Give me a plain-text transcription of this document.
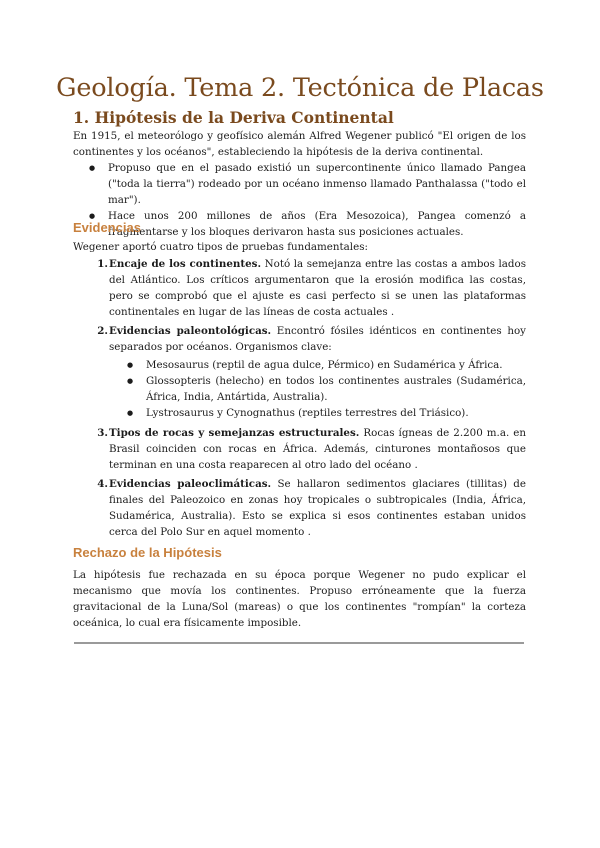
Geología. Tema 2. Tectónica de Placas
1. Hipótesis de la Deriva Continental
En 1915, el meteorólogo y geofísico alemán Alfred Wegener publicó "El origen de los continentes y los océanos", estableciendo la hipótesis de la deriva continental.
● Propuso que en el pasado existió un supercontinente único llamado Pangea ("toda la tierra") rodeado por un océano inmenso llamado Panthalassa ("todo el mar").
● Hace unos 200 millones de años (Era Mesozoica), Pangea comenzó a fragmentarse y los bloques derivaron hasta sus posiciones actuales.
Evidencias
Wegener aportó cuatro tipos de pruebas fundamentales:
1. Encaje de los continentes. Notó la semejanza entre las costas a ambos lados del Atlántico. Los críticos argumentaron que la erosión modifica las costas, pero se comprobó que el ajuste es casi perfecto si se unen las plataformas continentales en lugar de las líneas de costa actuales .
2. Evidencias paleontológicas. Encontró fósiles idénticos en continentes hoy separados por océanos. Organismos clave:
● Mesosaurus (reptil de agua dulce, Pérmico) en Sudamérica y África.
● Glossopteris (helecho) en todos los continentes australes (Sudamérica, África, India, Antártida, Australia).
● Lystrosaurus y Cynognathus (reptiles terrestres del Triásico).
3. Tipos de rocas y semejanzas estructurales. Rocas ígneas de 2.200 m.a. en Brasil coinciden con rocas en África. Además, cinturones montañosos que terminan en una costa reaparecen al otro lado del océano .
4. Evidencias paleoclimáticas. Se hallaron sedimentos glaciares (tillitas) de finales del Paleozoico en zonas hoy tropicales o subtropicales (India, África, Sudamérica, Australia). Esto se explica si esos continentes estaban unidos cerca del Polo Sur en aquel momento .
Rechazo de la Hipótesis
La hipótesis fue rechazada en su época porque Wegener no pudo explicar el mecanismo que movía los continentes. Propuso erróneamente que la fuerza gravitacional de la Luna/Sol (mareas) o que los continentes "rompían" la corteza oceánica, lo cual era físicamente imposible.
